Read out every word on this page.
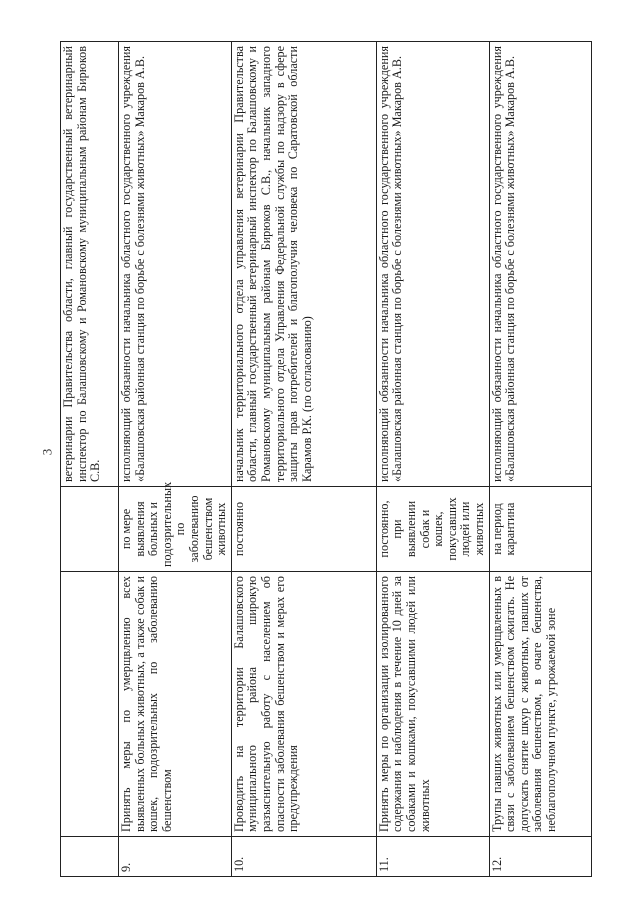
3
			ветеринарии Правительства области, главный государственный ветеринарный инспектор по Балашовскому и Романовскому муниципальным районам Бирюков С.В.
9.	Принять меры по умерщвлению всех выявленных больных животных, а также собак и кошек, подозрительных по заболеванию бешенством	по мере выявления больных и подозрительных по заболеванию бешенством животных	исполняющий обязанности начальника областного государственного учреждения «Балашовская районная станция по борьбе с болезнями животных» Макаров А.В.
10.	Проводить на территории Балашовского муниципального района широкую разъяснительную работу с населением об опасности заболевания бешенством и мерах его предупреждения	постоянно	начальник территориального отдела управления ветеринарии Правительства области, главный государственный ветеринарный инспектор по Балашовскому и Романовскому муниципальным районам Бирюков С.В., начальник западного территориального отдела Управления Федеральной службы по надзору в сфере защиты прав потребителей и благополучия человека по Саратовской области Карамов Р.К. (по согласованию)
11.	Принять меры по организации изолированного содержания и наблюдения в течение 10 дней за собаками и кошками, покусавшими людей или животных	постоянно, при выявлении собак и кошек, покусавших людей или животных	исполняющий обязанности начальника областного государственного учреждения «Балашовская районная станция по борьбе с болезнями животных» Макаров А.В.
12.	Трупы павших животных или умерщвленных в связи с заболеванием бешенством сжигать. Не допускать снятие шкур с животных, павших от заболевания бешенством, в очаге бешенства, неблагополучном пункте, угрожаемой зоне	на период карантина	исполняющий обязанности начальника областного государственного учреждения «Балашовская районная станция по борьбе с болезнями животных» Макаров А.В.
